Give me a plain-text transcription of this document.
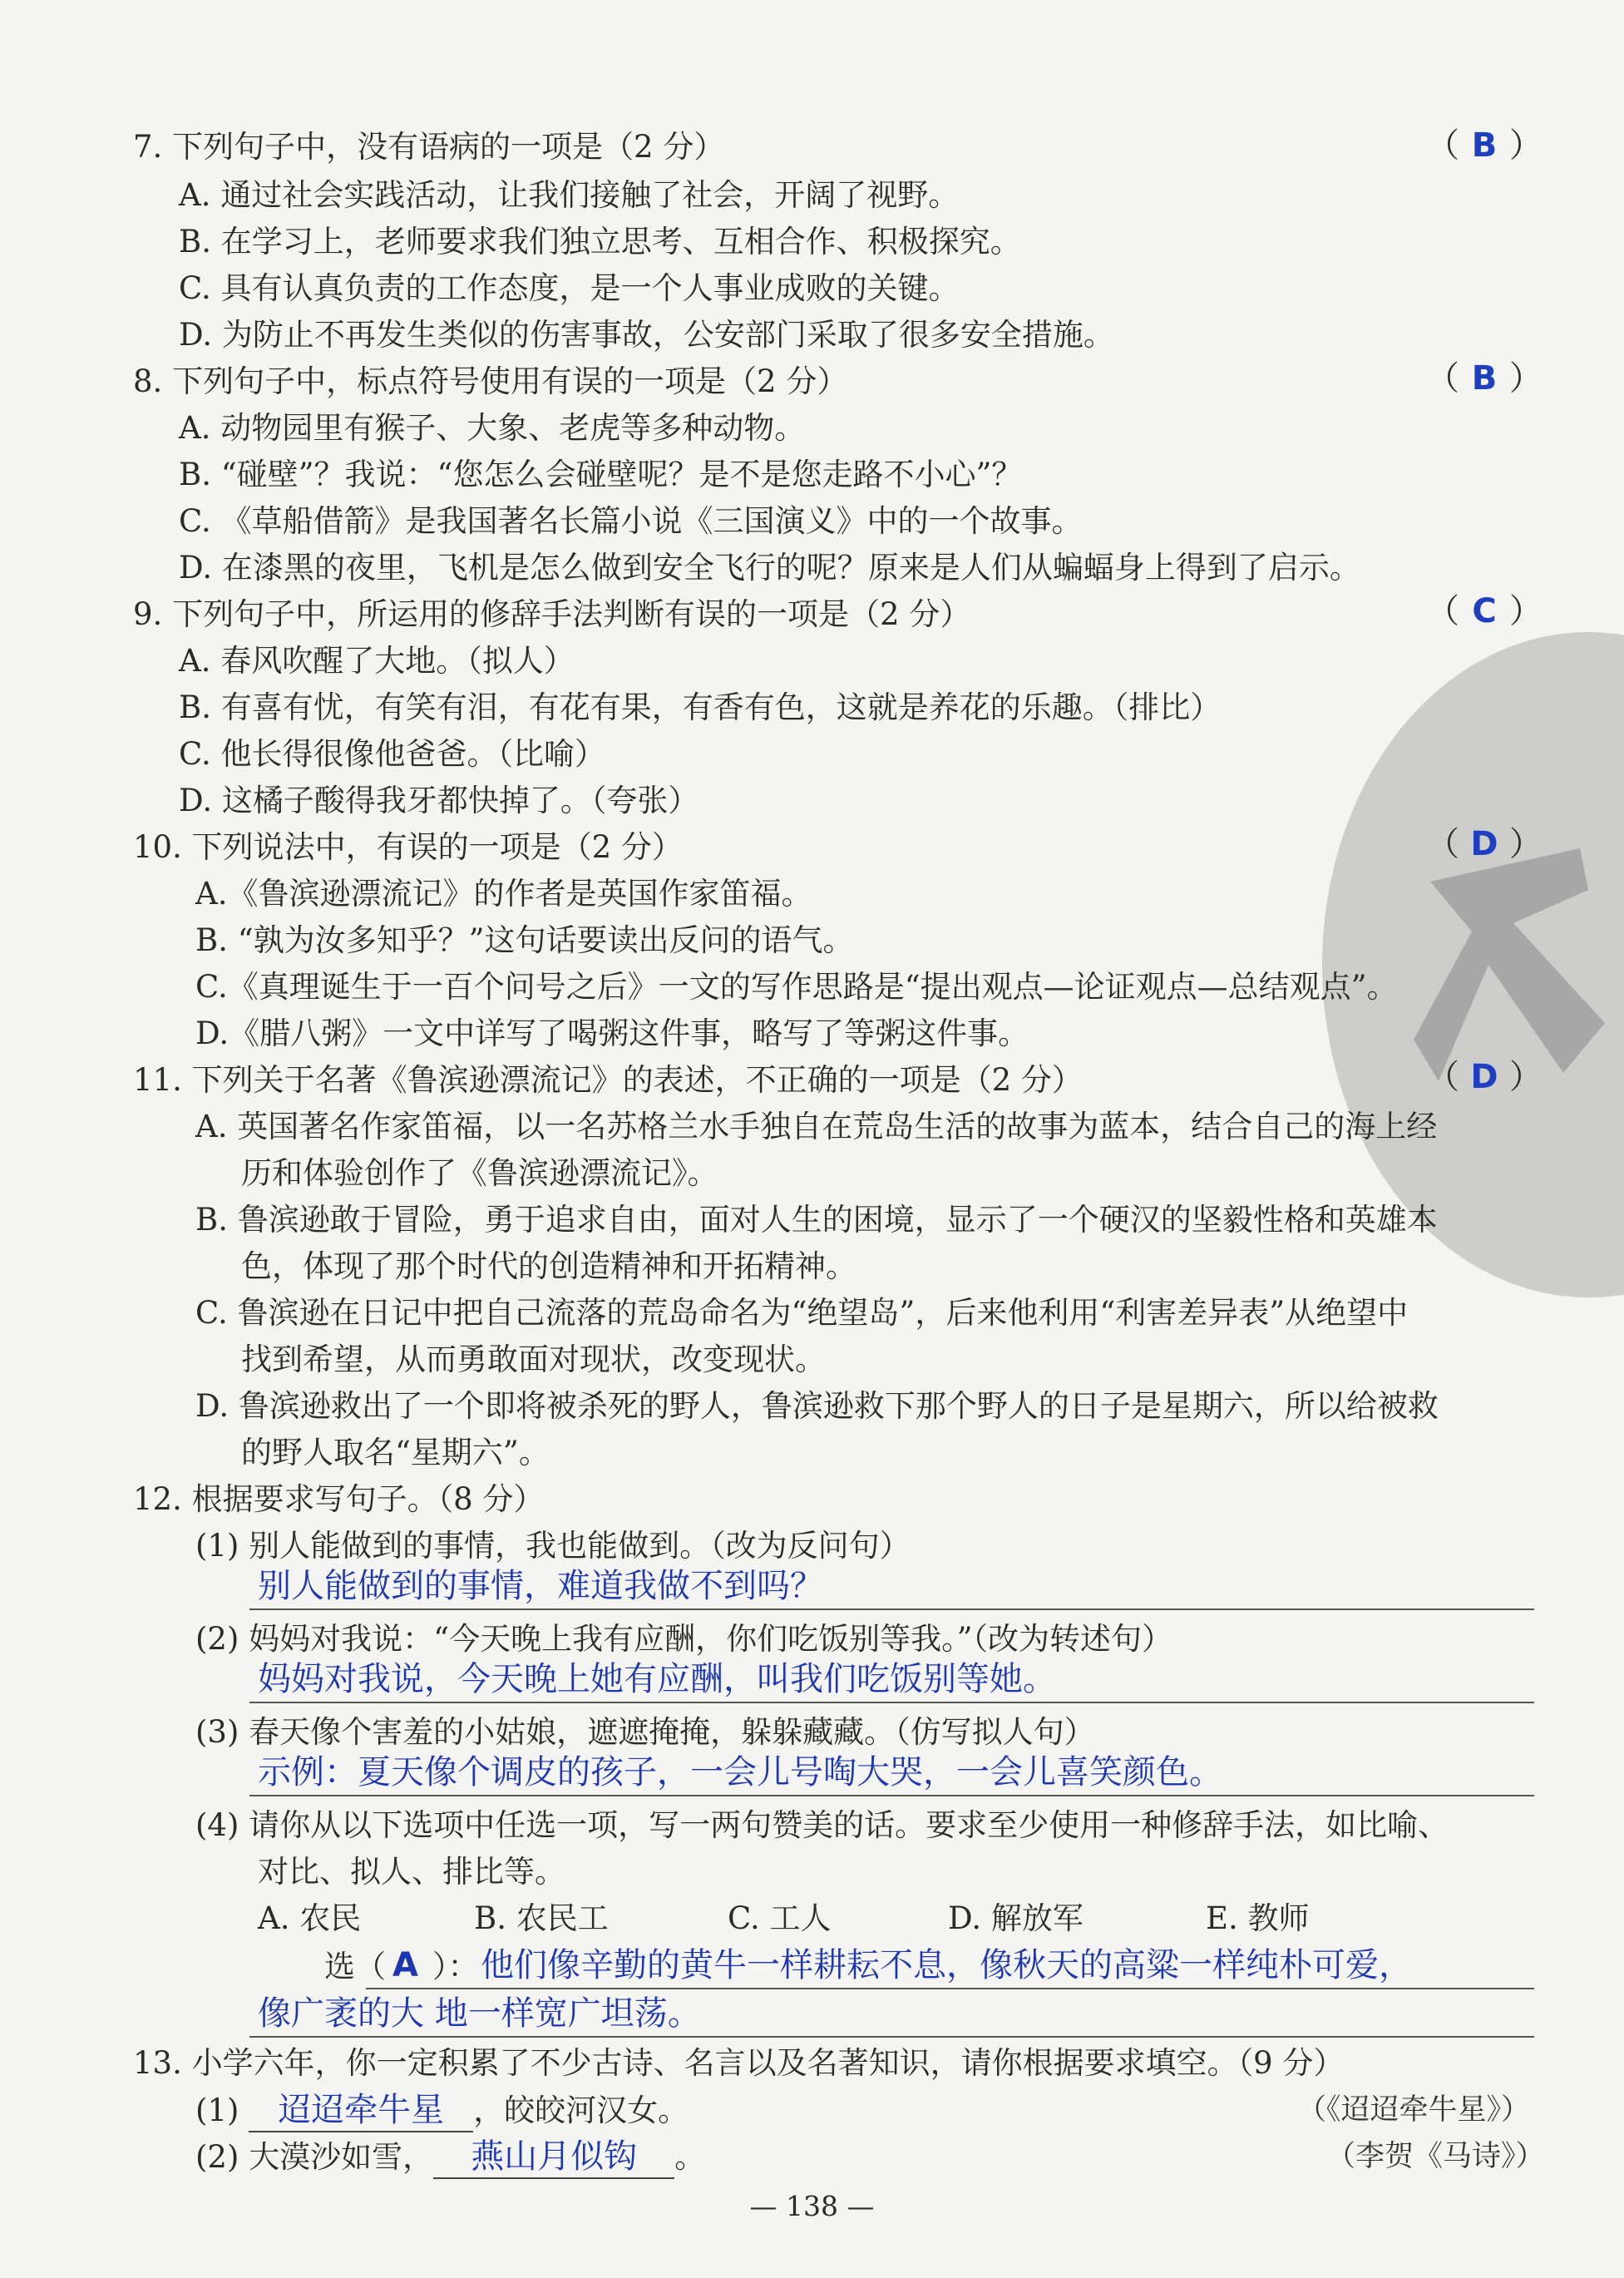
7. 下列句子中，没有语病的一项是（2 分）	（ B ）
A. 通过社会实践活动，让我们接触了社会，开阔了视野。
B. 在学习上，老师要求我们独立思考、互相合作、积极探究。
C. 具有认真负责的工作态度，是一个人事业成败的关键。
D. 为防止不再发生类似的伤害事故，公安部门采取了很多安全措施。
8. 下列句子中，标点符号使用有误的一项是（2 分）	（ B ）
A. 动物园里有猴子、大象、老虎等多种动物。
B. “碰壁”？我说：“您怎么会碰壁呢？是不是您走路不小心”？
C. 《草船借箭》是我国著名长篇小说《三国演义》中的一个故事。
D. 在漆黑的夜里，飞机是怎么做到安全飞行的呢？原来是人们从蝙蝠身上得到了启示。
9. 下列句子中，所运用的修辞手法判断有误的一项是（2 分）	（ C ）
A. 春风吹醒了大地。（拟人）
B. 有喜有忧，有笑有泪，有花有果，有香有色，这就是养花的乐趣。（排比）
C. 他长得很像他爸爸。（比喻）
D. 这橘子酸得我牙都快掉了。（夸张）
10. 下列说法中，有误的一项是（2 分）	（ D ）
A.《鲁滨逊漂流记》的作者是英国作家笛福。
B. “孰为汝多知乎？”这句话要读出反问的语气。
C.《真理诞生于一百个问号之后》一文的写作思路是“提出观点—论证观点—总结观点”。
D.《腊八粥》一文中详写了喝粥这件事，略写了等粥这件事。
11. 下列关于名著《鲁滨逊漂流记》的表述，不正确的一项是（2 分）	（ D ）
A. 英国著名作家笛福，以一名苏格兰水手独自在荒岛生活的故事为蓝本，结合自己的海上经
历和体验创作了《鲁滨逊漂流记》。
B. 鲁滨逊敢于冒险，勇于追求自由，面对人生的困境，显示了一个硬汉的坚毅性格和英雄本
色，体现了那个时代的创造精神和开拓精神。
C. 鲁滨逊在日记中把自己流落的荒岛命名为“绝望岛”，后来他利用“利害差异表”从绝望中
找到希望，从而勇敢面对现状，改变现状。
D. 鲁滨逊救出了一个即将被杀死的野人，鲁滨逊救下那个野人的日子是星期六，所以给被救
的野人取名“星期六”。
12. 根据要求写句子。（8 分）
(1) 别人能做到的事情，我也能做到。（改为反问句）
别人能做到的事情，难道我做不到吗？
(2) 妈妈对我说：“今天晚上我有应酬，你们吃饭别等我。”（改为转述句）
妈妈对我说，今天晚上她有应酬，叫我们吃饭别等她。
(3) 春天像个害羞的小姑娘，遮遮掩掩，躲躲藏藏。（仿写拟人句）
示例：夏天像个调皮的孩子，一会儿号啕大哭，一会儿喜笑颜色。
(4) 请你从以下选项中任选一项，写一两句赞美的话。要求至少使用一种修辞手法，如比喻、
对比、拟人、排比等。
A. 农民	B. 农民工	C. 工人	D. 解放军	E. 教师
选（ A ）： 他们像辛勤的黄牛一样耕耘不息，像秋天的高粱一样纯朴可爱，
像广袤的大 地一样宽广坦荡。
13. 小学六年，你一定积累了不少古诗、名言以及名著知识，请你根据要求填空。（9 分）
(1) 迢迢牵牛星 ，皎皎河汉女。	（《迢迢牵牛星》）
(2) 大漠沙如雪， 燕山月似钩 。	（李贺《马诗》）
— 138 —
